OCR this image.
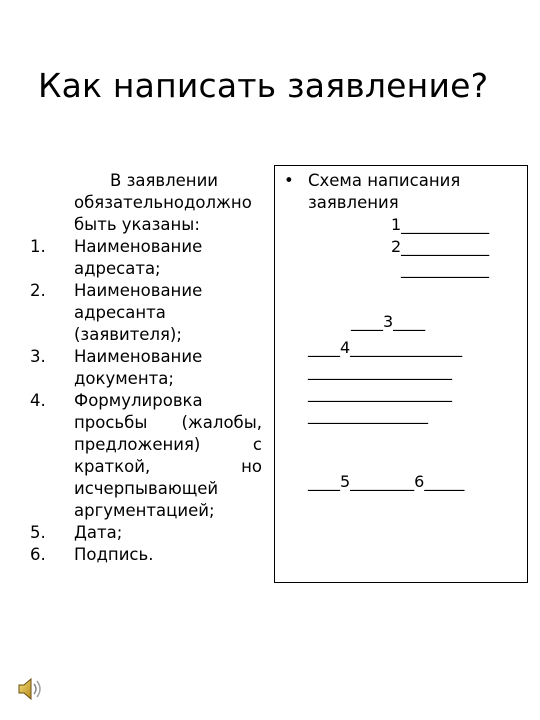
Как написать заявление?
В заявлении
обязательнодолжно
быть указаны:
1. Наименование
адресата;
2. Наименование
адресанта
(заявителя);
3. Наименование
документа;
4. Формулировка
просьбы (жалобы,
предложения) с
краткой, но
исчерпывающей
аргументацией;
5. Дата;
6. Подпись.
• Схема написания
заявления
1___________
2___________
___________
____3____
____4______________
__________________
__________________
_______________
____5________6_____
